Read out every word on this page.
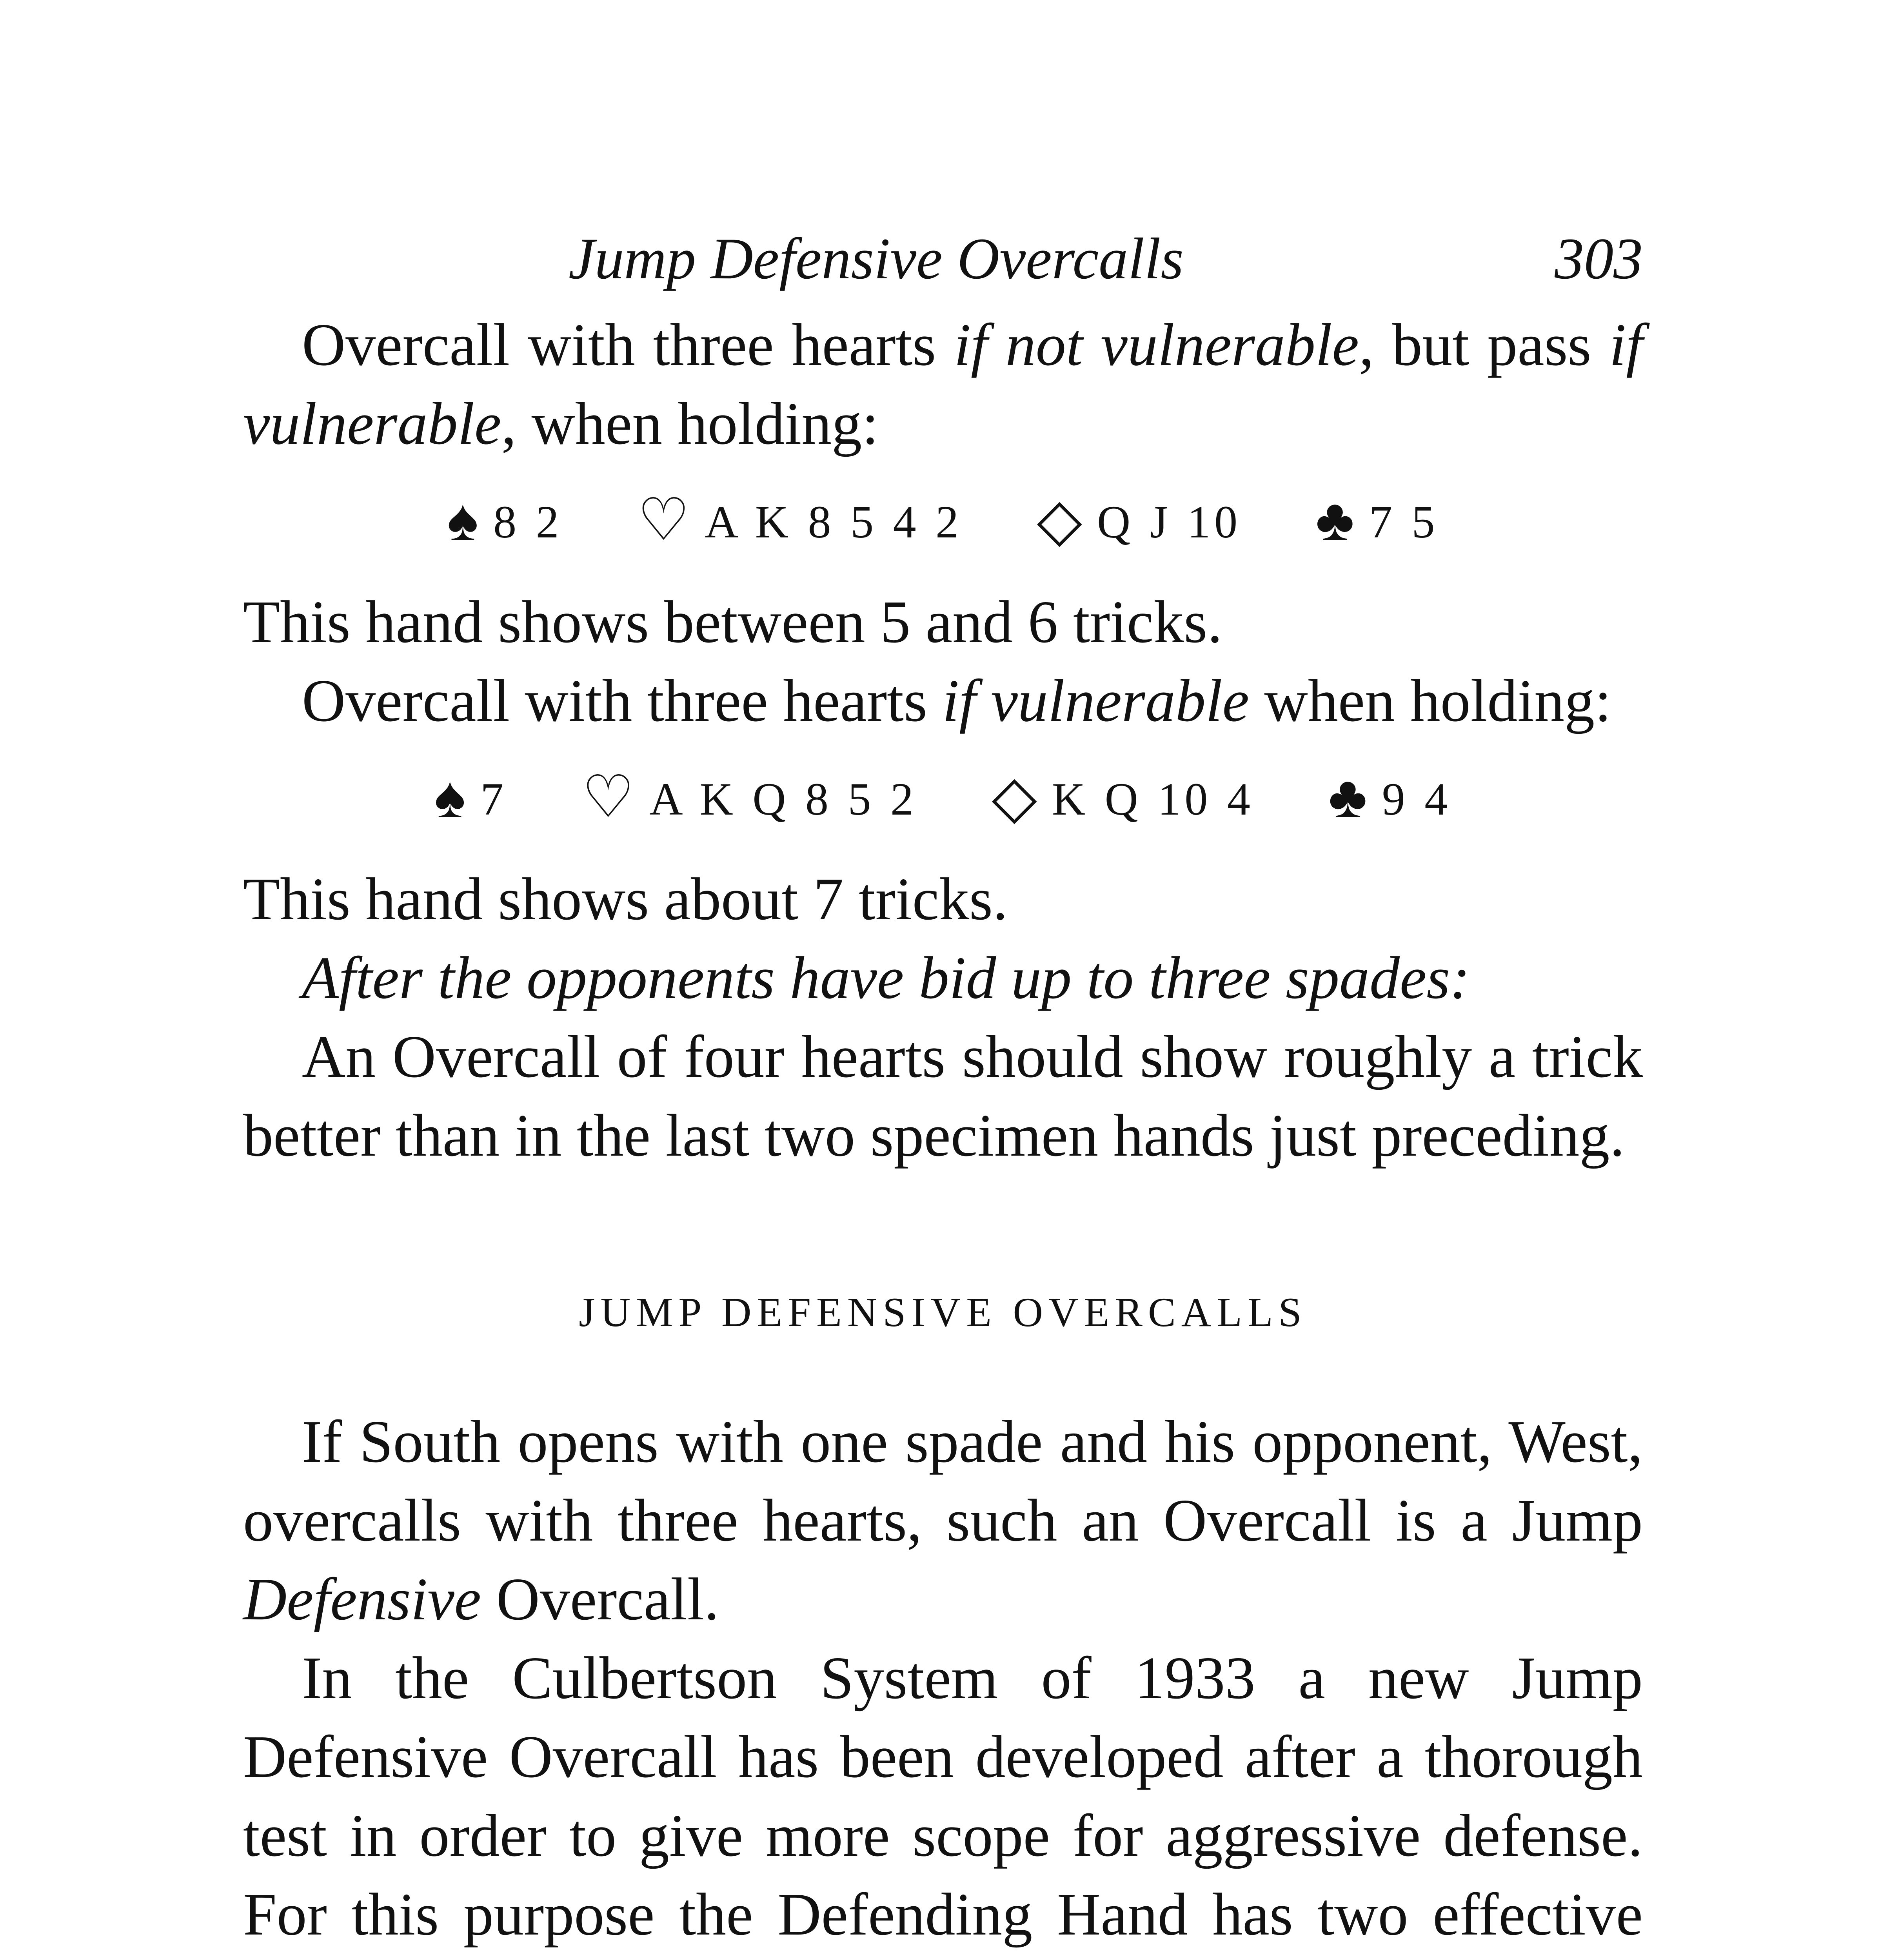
Jump Defensive Overcalls	303

Overcall with three hearts if not vulnerable, but pass if vulnerable, when holding:

♠ 8 2 ♡ A K 8 5 4 2 ◇ Q J 10 ♣ 7 5

This hand shows between 5 and 6 tricks.

Overcall with three hearts if vulnerable when holding:

♠ 7 ♡ A K Q 8 5 2 ◇ K Q 10 4 ♣ 9 4

This hand shows about 7 tricks.

After the opponents have bid up to three spades:

An Overcall of four hearts should show roughly a trick better than in the last two specimen hands just preceding.

JUMP DEFENSIVE OVERCALLS

If South opens with one spade and his opponent, West, overcalls with three hearts, such an Overcall is a Jump Defensive Overcall.

In the Culbertson System of 1933 a new Jump Defensive Overcall has been developed after a thorough test in order to give more scope for aggressive defense. For this purpose the Defending Hand has two effective
